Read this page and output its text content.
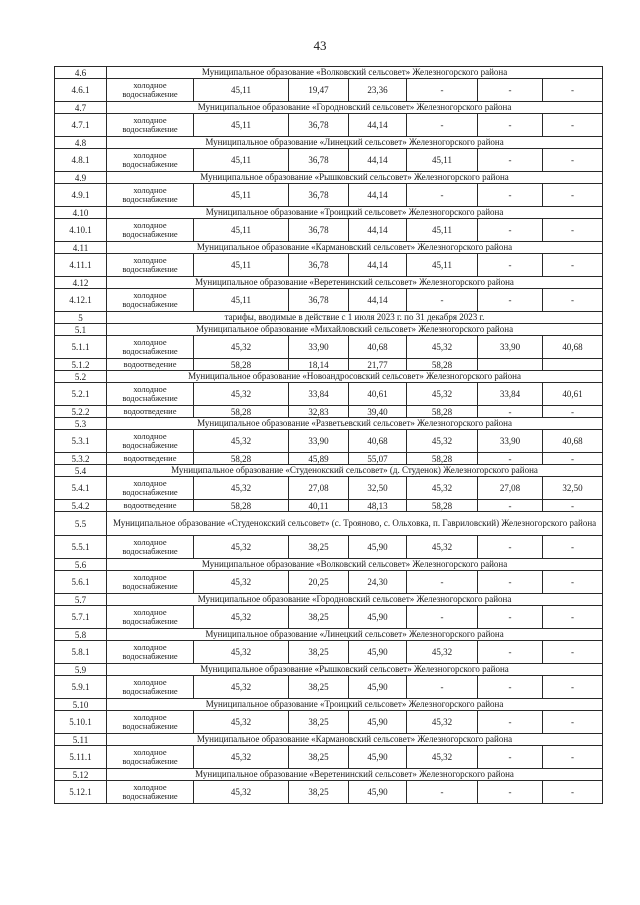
43
4.6	Муниципальное образование «Волковский сельсовет» Железногорского района						
4.6.1	холодное водоснабжение	45,11	19,47	23,36	-	-	-
4.7	Муниципальное образование «Городновский сельсовет» Железногорского района						
4.7.1	холодное водоснабжение	45,11	36,78	44,14	-	-	-
4.8	Муниципальное образование «Линецкий сельсовет» Железногорского района						
4.8.1	холодное водоснабжение	45,11	36,78	44,14	45,11	-	-
4.9	Муниципальное образование «Рышковский сельсовет» Железногорского района						
4.9.1	холодное водоснабжение	45,11	36,78	44,14	-	-	-
4.10	Муниципальное образование «Троицкий сельсовет» Железногорского района						
4.10.1	холодное водоснабжение	45,11	36,78	44,14	45,11	-	-
4.11	Муниципальное образование «Кармановский сельсовет» Железногорского района						
4.11.1	холодное водоснабжение	45,11	36,78	44,14	45,11	-	-
4.12	Муниципальное образование «Веретенинский сельсовет» Железногорского района						
4.12.1	холодное водоснабжение	45,11	36,78	44,14	-	-	-
5	тарифы, вводимые в действие с 1 июля 2023 г. по 31 декабря 2023 г.						
5.1	Муниципальное образование «Михайловский сельсовет» Железногорского района						
5.1.1	холодное водоснабжение	45,32	33,90	40,68	45,32	33,90	40,68
5.1.2	водоотведение	58,28	18,14	21,77	58,28		
5.2	Муниципальное образование «Новоандросовский сельсовет» Железногорского района						
5.2.1	холодное водоснабжение	45,32	33,84	40,61	45,32	33,84	40,61
5.2.2	водоотведение	58,28	32,83	39,40	58,28	-	-
5.3	Муниципальное образование «Разветьевский сельсовет» Железногорского района						
5.3.1	холодное водоснабжение	45,32	33,90	40,68	45,32	33,90	40,68
5.3.2	водоотведение	58,28	45,89	55,07	58,28	-	-
5.4	Муниципальное образование «Студенокский сельсовет» (д. Студенок) Железногорского района						
5.4.1	холодное водоснабжение	45,32	27,08	32,50	45,32	27,08	32,50
5.4.2	водоотведение	58,28	40,11	48,13	58,28	-	-
5.5	Муниципальное образование «Студенокский сельсовет» (с. Трояново, с. Ольховка, п. Гавриловский) Железногорского района						
5.5.1	холодное водоснабжение	45,32	38,25	45,90	45,32	-	-
5.6	Муниципальное образование «Волковский сельсовет» Железногорского района						
5.6.1	холодное водоснабжение	45,32	20,25	24,30	-	-	-
5.7	Муниципальное образование «Городновский сельсовет» Железногорского района						
5.7.1	холодное водоснабжение	45,32	38,25	45,90	-	-	-
5.8	Муниципальное образование «Линецкий сельсовет» Железногорского района						
5.8.1	холодное водоснабжение	45,32	38,25	45,90	45,32	-	-
5.9	Муниципальное образование «Рышковский сельсовет» Железногорского района						
5.9.1	холодное водоснабжение	45,32	38,25	45,90	-	-	-
5.10	Муниципальное образование «Троицкий сельсовет» Железногорского района						
5.10.1	холодное водоснабжение	45,32	38,25	45,90	45,32	-	-
5.11	Муниципальное образование «Кармановский сельсовет» Железногорского района						
5.11.1	холодное водоснабжение	45,32	38,25	45,90	45,32	-	-
5.12	Муниципальное образование «Веретенинский сельсовет» Железногорского района						
5.12.1	холодное водоснабжение	45,32	38,25	45,90	-	-	-
